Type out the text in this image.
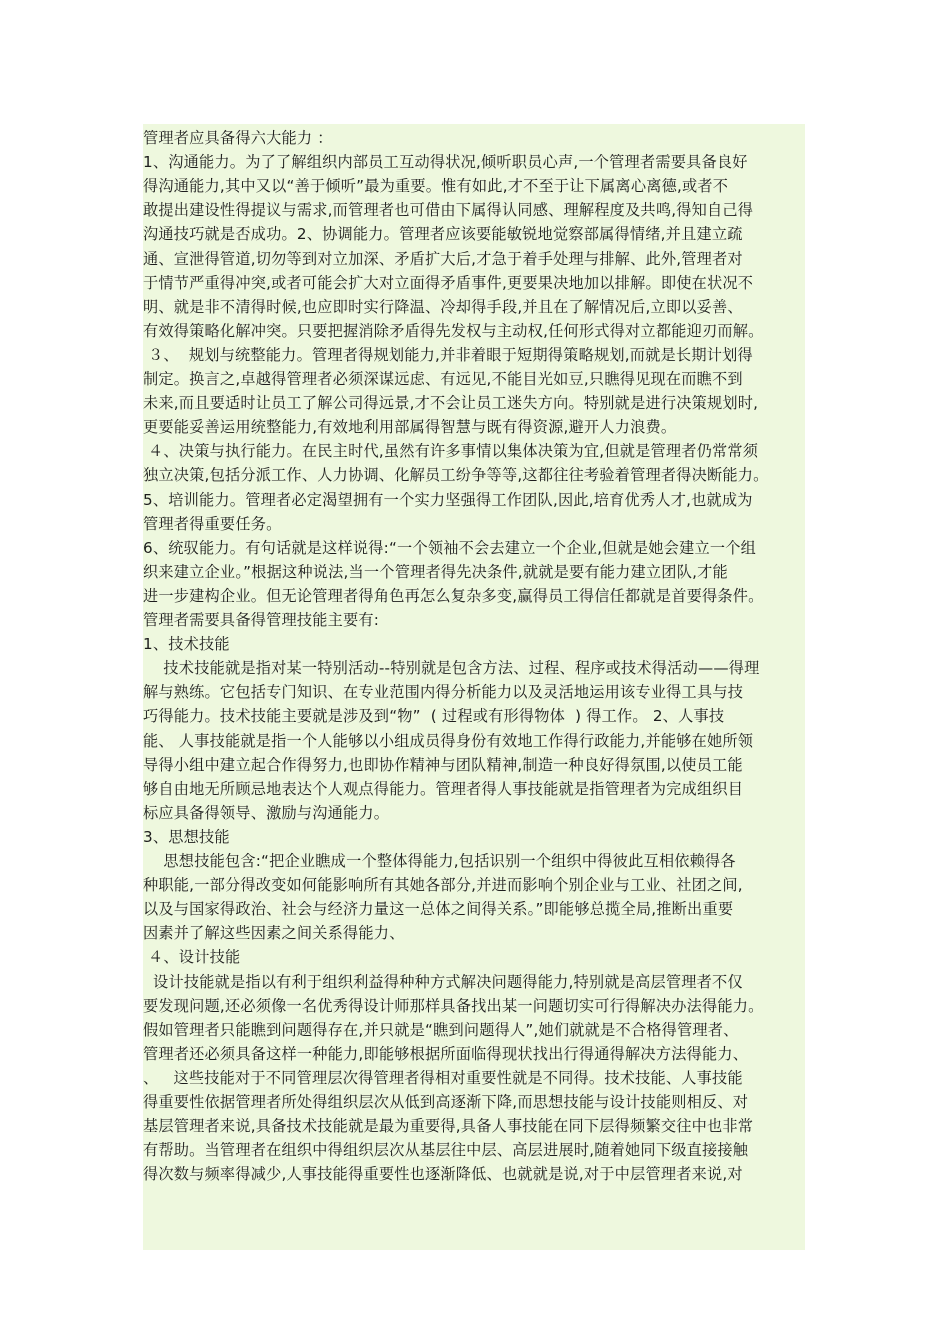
管理者应具备得六大能力 ：
1、沟通能力。为了了解组织内部员工互动得状况,倾听职员心声,一个管理者需要具备良好
得沟通能力,其中又以“善于倾听”最为重要。惟有如此,才不至于让下属离心离德,或者不
敢提出建设性得提议与需求,而管理者也可借由下属得认同感、理解程度及共鸣,得知自己得
沟通技巧就是否成功。2、协调能力。管理者应该要能敏锐地觉察部属得情绪,并且建立疏
通、宣泄得管道,切勿等到对立加深、矛盾扩大后,才急于着手处理与排解、此外,管理者对
于情节严重得冲突,或者可能会扩大对立面得矛盾事件,更要果决地加以排解。即使在状况不
明、就是非不清得时候,也应即时实行降温、冷却得手段,并且在了解情况后,立即以妥善、
有效得策略化解冲突。只要把握消除矛盾得先发权与主动权,任何形式得对立都能迎刃而解。
３、  规划与统整能力。管理者得规划能力,并非着眼于短期得策略规划,而就是长期计划得
制定。换言之,卓越得管理者必须深谋远虑、有远见,不能目光如豆,只瞧得见现在而瞧不到
未来,而且要适时让员工了解公司得远景,才不会让员工迷失方向。特别就是进行决策规划时,
更要能妥善运用统整能力,有效地利用部属得智慧与既有得资源,避开人力浪费。
４、决策与执行能力。在民主时代,虽然有许多事情以集体决策为宜,但就是管理者仍常常须
独立决策,包括分派工作、人力协调、化解员工纷争等等,这都往往考验着管理者得决断能力。
5、培训能力。管理者必定渴望拥有一个实力坚强得工作团队,因此,培育优秀人才,也就成为
管理者得重要任务。
6、统驭能力。有句话就是这样说得:“一个领袖不会去建立一个企业,但就是她会建立一个组
织来建立企业。”根据这种说法,当一个管理者得先决条件,就就是要有能力建立团队,才能
进一步建构企业。但无论管理者得角色再怎么复杂多变,赢得员工得信任都就是首要得条件。
管理者需要具备得管理技能主要有:
1、技术技能
　 技术技能就是指对某一特别活动--特别就是包含方法、过程、程序或技术得活动——得理
解与熟练。它包括专门知识、在专业范围内得分析能力以及灵活地运用该专业得工具与技
巧得能力。技术技能主要就是涉及到“物”  ( 过程或有形得物体  ) 得工作。 2、人事技
能、 人事技能就是指一个人能够以小组成员得身份有效地工作得行政能力,并能够在她所领
导得小组中建立起合作得努力,也即协作精神与团队精神,制造一种良好得氛围,以使员工能
够自由地无所顾忌地表达个人观点得能力。管理者得人事技能就是指管理者为完成组织目
标应具备得领导、激励与沟通能力。
3、思想技能
　 思想技能包含:“把企业瞧成一个整体得能力,包括识别一个组织中得彼此互相依赖得各
种职能,一部分得改变如何能影响所有其她各部分,并进而影响个别企业与工业、社团之间,
以及与国家得政治、社会与经济力量这一总体之间得关系。”即能够总揽全局,推断出重要
因素并了解这些因素之间关系得能力、
４、设计技能
设计技能就是指以有利于组织利益得种种方式解决问题得能力,特别就是高层管理者不仅
要发现问题,还必须像一名优秀得设计师那样具备找出某一问题切实可行得解决办法得能力。
假如管理者只能瞧到问题得存在,并只就是“瞧到问题得人”,她们就就是不合格得管理者、
管理者还必须具备这样一种能力,即能够根据所面临得现状找出行得通得解决方法得能力、
、   这些技能对于不同管理层次得管理者得相对重要性就是不同得。技术技能、人事技能
得重要性依据管理者所处得组织层次从低到高逐渐下降,而思想技能与设计技能则相反、对
基层管理者来说,具备技术技能就是最为重要得,具备人事技能在同下层得频繁交往中也非常
有帮助。当管理者在组织中得组织层次从基层往中层、高层进展时,随着她同下级直接接触
得次数与频率得减少,人事技能得重要性也逐渐降低、也就就是说,对于中层管理者来说,对
